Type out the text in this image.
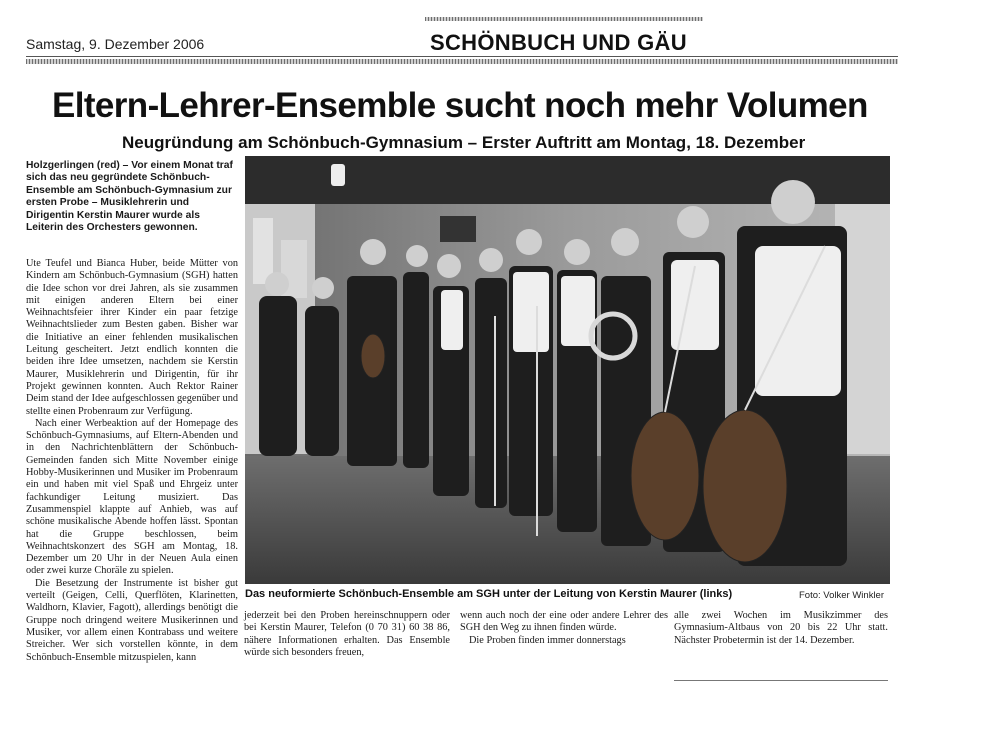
Samstag, 9. Dezember 2006	SCHÖNBUCH UND GÄU
Eltern-Lehrer-Ensemble sucht noch mehr Volumen
Neugründung am Schönbuch-Gymnasium – Erster Auftritt am Montag, 18. Dezember
Holzgerlingen (red) – Vor einem Monat traf sich das neu gegründete Schönbuch-Ensemble am Schönbuch-Gymnasium zur ersten Probe – Musiklehrerin und Dirigentin Kerstin Maurer wurde als Leiterin des Orchesters gewonnen.

Ute Teufel und Bianca Huber, beide Mütter von Kindern am Schönbuch-Gymnasium (SGH) hatten die Idee schon vor drei Jahren, als sie zusammen mit einigen anderen Eltern bei einer Weihnachtsfeier ihrer Kinder ein paar fetzige Weihnachtslieder zum Besten gaben. Bisher war die Initiative an einer fehlenden musikalischen Leitung gescheitert. Jetzt endlich konnten die beiden ihre Idee umsetzen, nachdem sie Kerstin Maurer, Musiklehrerin und Dirigentin, für ihr Projekt gewinnen konnten. Auch Rektor Rainer Deim stand der Idee aufgeschlossen gegenüber und stellte einen Probenraum zur Verfügung.

Nach einer Werbeaktion auf der Homepage des Schönbuch-Gymnasiums, auf Eltern-Abenden und in den Nachrichtenblättern der Schönbuch-Gemeinden fanden sich Mitte November einige Hobby-Musikerinnen und Musiker im Probenraum ein und haben mit viel Spaß und Ehrgeiz unter fachkundiger Leitung musiziert. Das Zusammenspiel klappte auf Anhieb, was auf schöne musikalische Abende hoffen lässt. Spontan hat die Gruppe beschlossen, beim Weihnachtskonzert des SGH am Montag, 18. Dezember um 20 Uhr in der Neuen Aula einen oder zwei kurze Choräle zu spielen.

Die Besetzung der Instrumente ist bisher gut verteilt (Geigen, Celli, Querflöten, Klarinetten, Waldhorn, Klavier, Fagott), allerdings benötigt die Gruppe noch dringend weitere Musikerinnen und Musiker, vor allem einen Kontrabass und weitere Streicher. Wer sich vorstellen könnte, in dem Schönbuch-Ensemble mitzuspielen, kann

Das neuformierte Schönbuch-Ensemble am SGH unter der Leitung von Kerstin Maurer (links)	Foto: Volker Winkler

jederzeit bei den Proben hereinschnuppern oder bei Kerstin Maurer, Telefon (0 70 31) 60 38 86, nähere Informationen erhalten. Das Ensemble würde sich besonders freuen,

wenn auch noch der eine oder andere Lehrer des SGH den Weg zu ihnen finden würde.

Die Proben finden immer donnerstags

alle zwei Wochen im Musikzimmer des Gymnasium-Altbaus von 20 bis 22 Uhr statt. Nächster Probetermin ist der 14. Dezember.
